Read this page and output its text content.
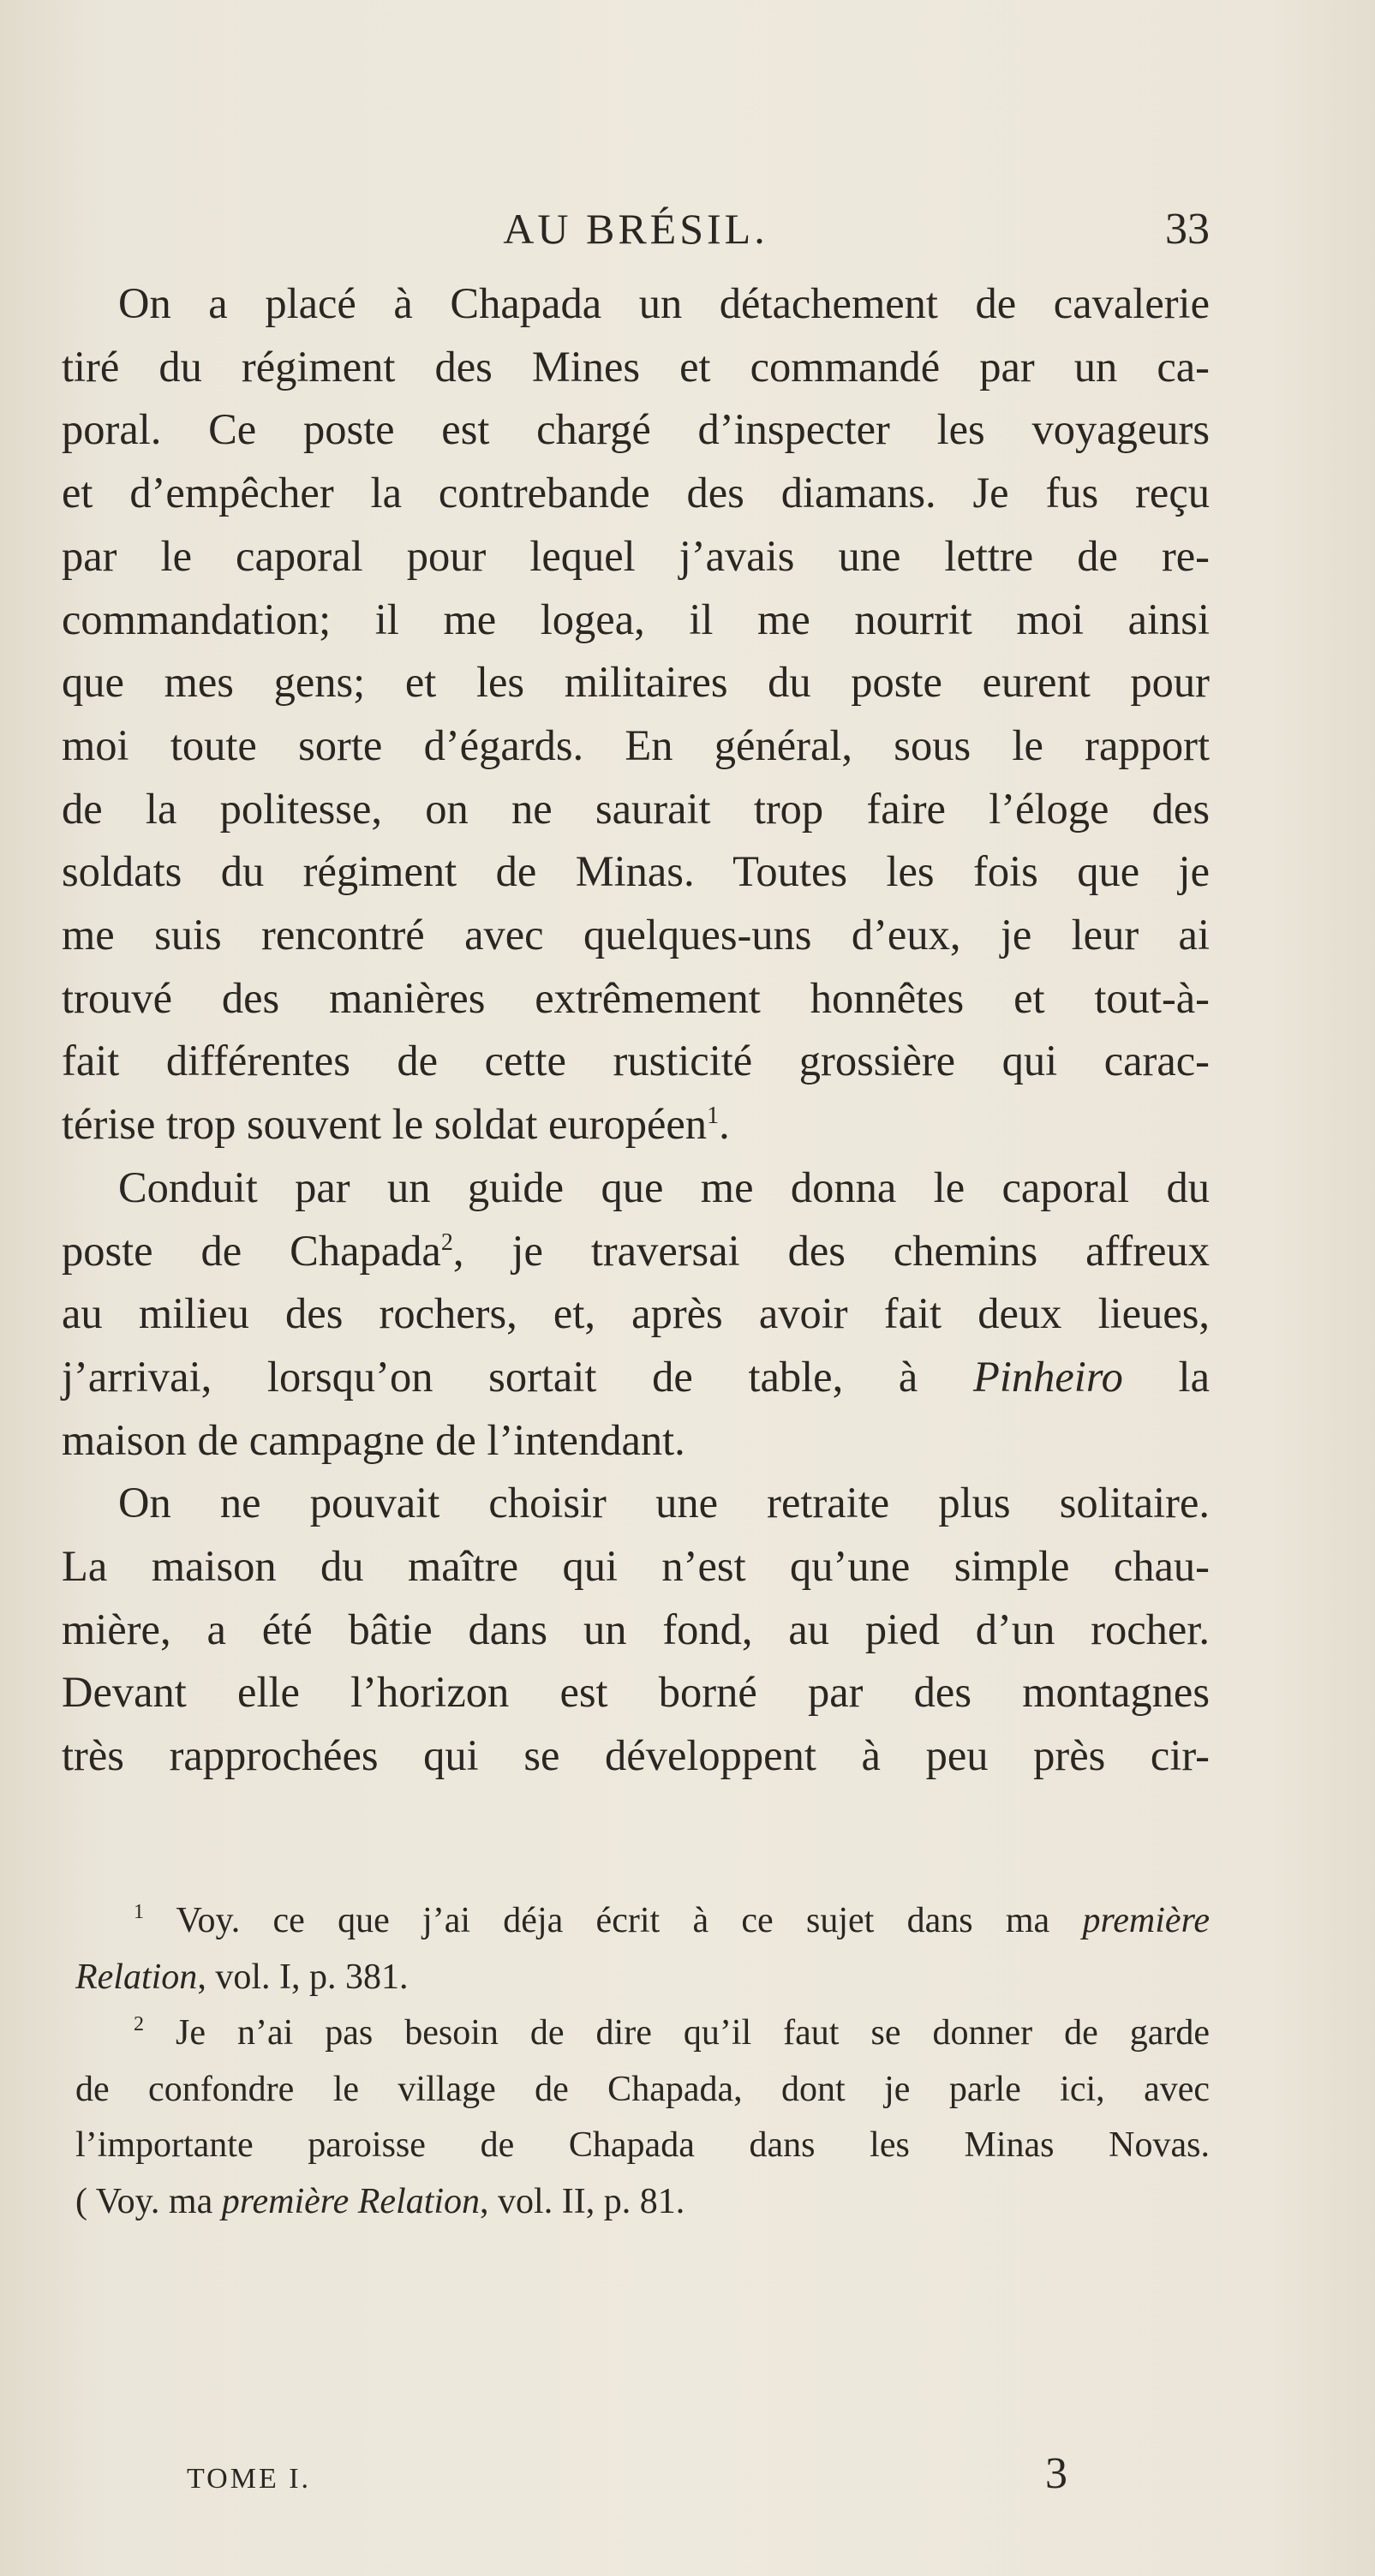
AU BRÉSIL.	33

On a placé à Chapada un détachement de cavalerie

tiré du régiment des Mines et commandé par un ca-

poral. Ce poste est chargé d’inspecter les voyageurs

et d’empêcher la contrebande des diamans. Je fus reçu

par le caporal pour lequel j’avais une lettre de re-

commandation; il me logea, il me nourrit moi ainsi

que mes gens; et les militaires du poste eurent pour

moi toute sorte d’égards. En général, sous le rapport

de la politesse, on ne saurait trop faire l’éloge des

soldats du régiment de Minas. Toutes les fois que je

me suis rencontré avec quelques-uns d’eux, je leur ai

trouvé des manières extrêmement honnêtes et tout-à-

fait différentes de cette rusticité grossière qui carac-

térise trop souvent le soldat européen$^1$.

Conduit par un guide que me donna le caporal du

poste de Chapada$^2$, je traversai des chemins affreux

au milieu des rochers, et, après avoir fait deux lieues,

j’arrivai, lorsqu’on sortait de table, à Pinheiro la

maison de campagne de l’intendant.

On ne pouvait choisir une retraite plus solitaire.

La maison du maître qui n’est qu’une simple chau-

mière, a été bâtie dans un fond, au pied d’un rocher.

Devant elle l’horizon est borné par des montagnes

très rapprochées qui se développent à peu près cir-

$^1$ Voy. ce que j’ai déja écrit à ce sujet dans ma première

Relation, vol. I, p. 381.

$^2$ Je n’ai pas besoin de dire qu’il faut se donner de garde

de confondre le village de Chapada, dont je parle ici, avec

l’importante paroisse de Chapada dans les Minas Novas.

( Voy. ma première Relation, vol. II, p. 81.

TOME I.	3
